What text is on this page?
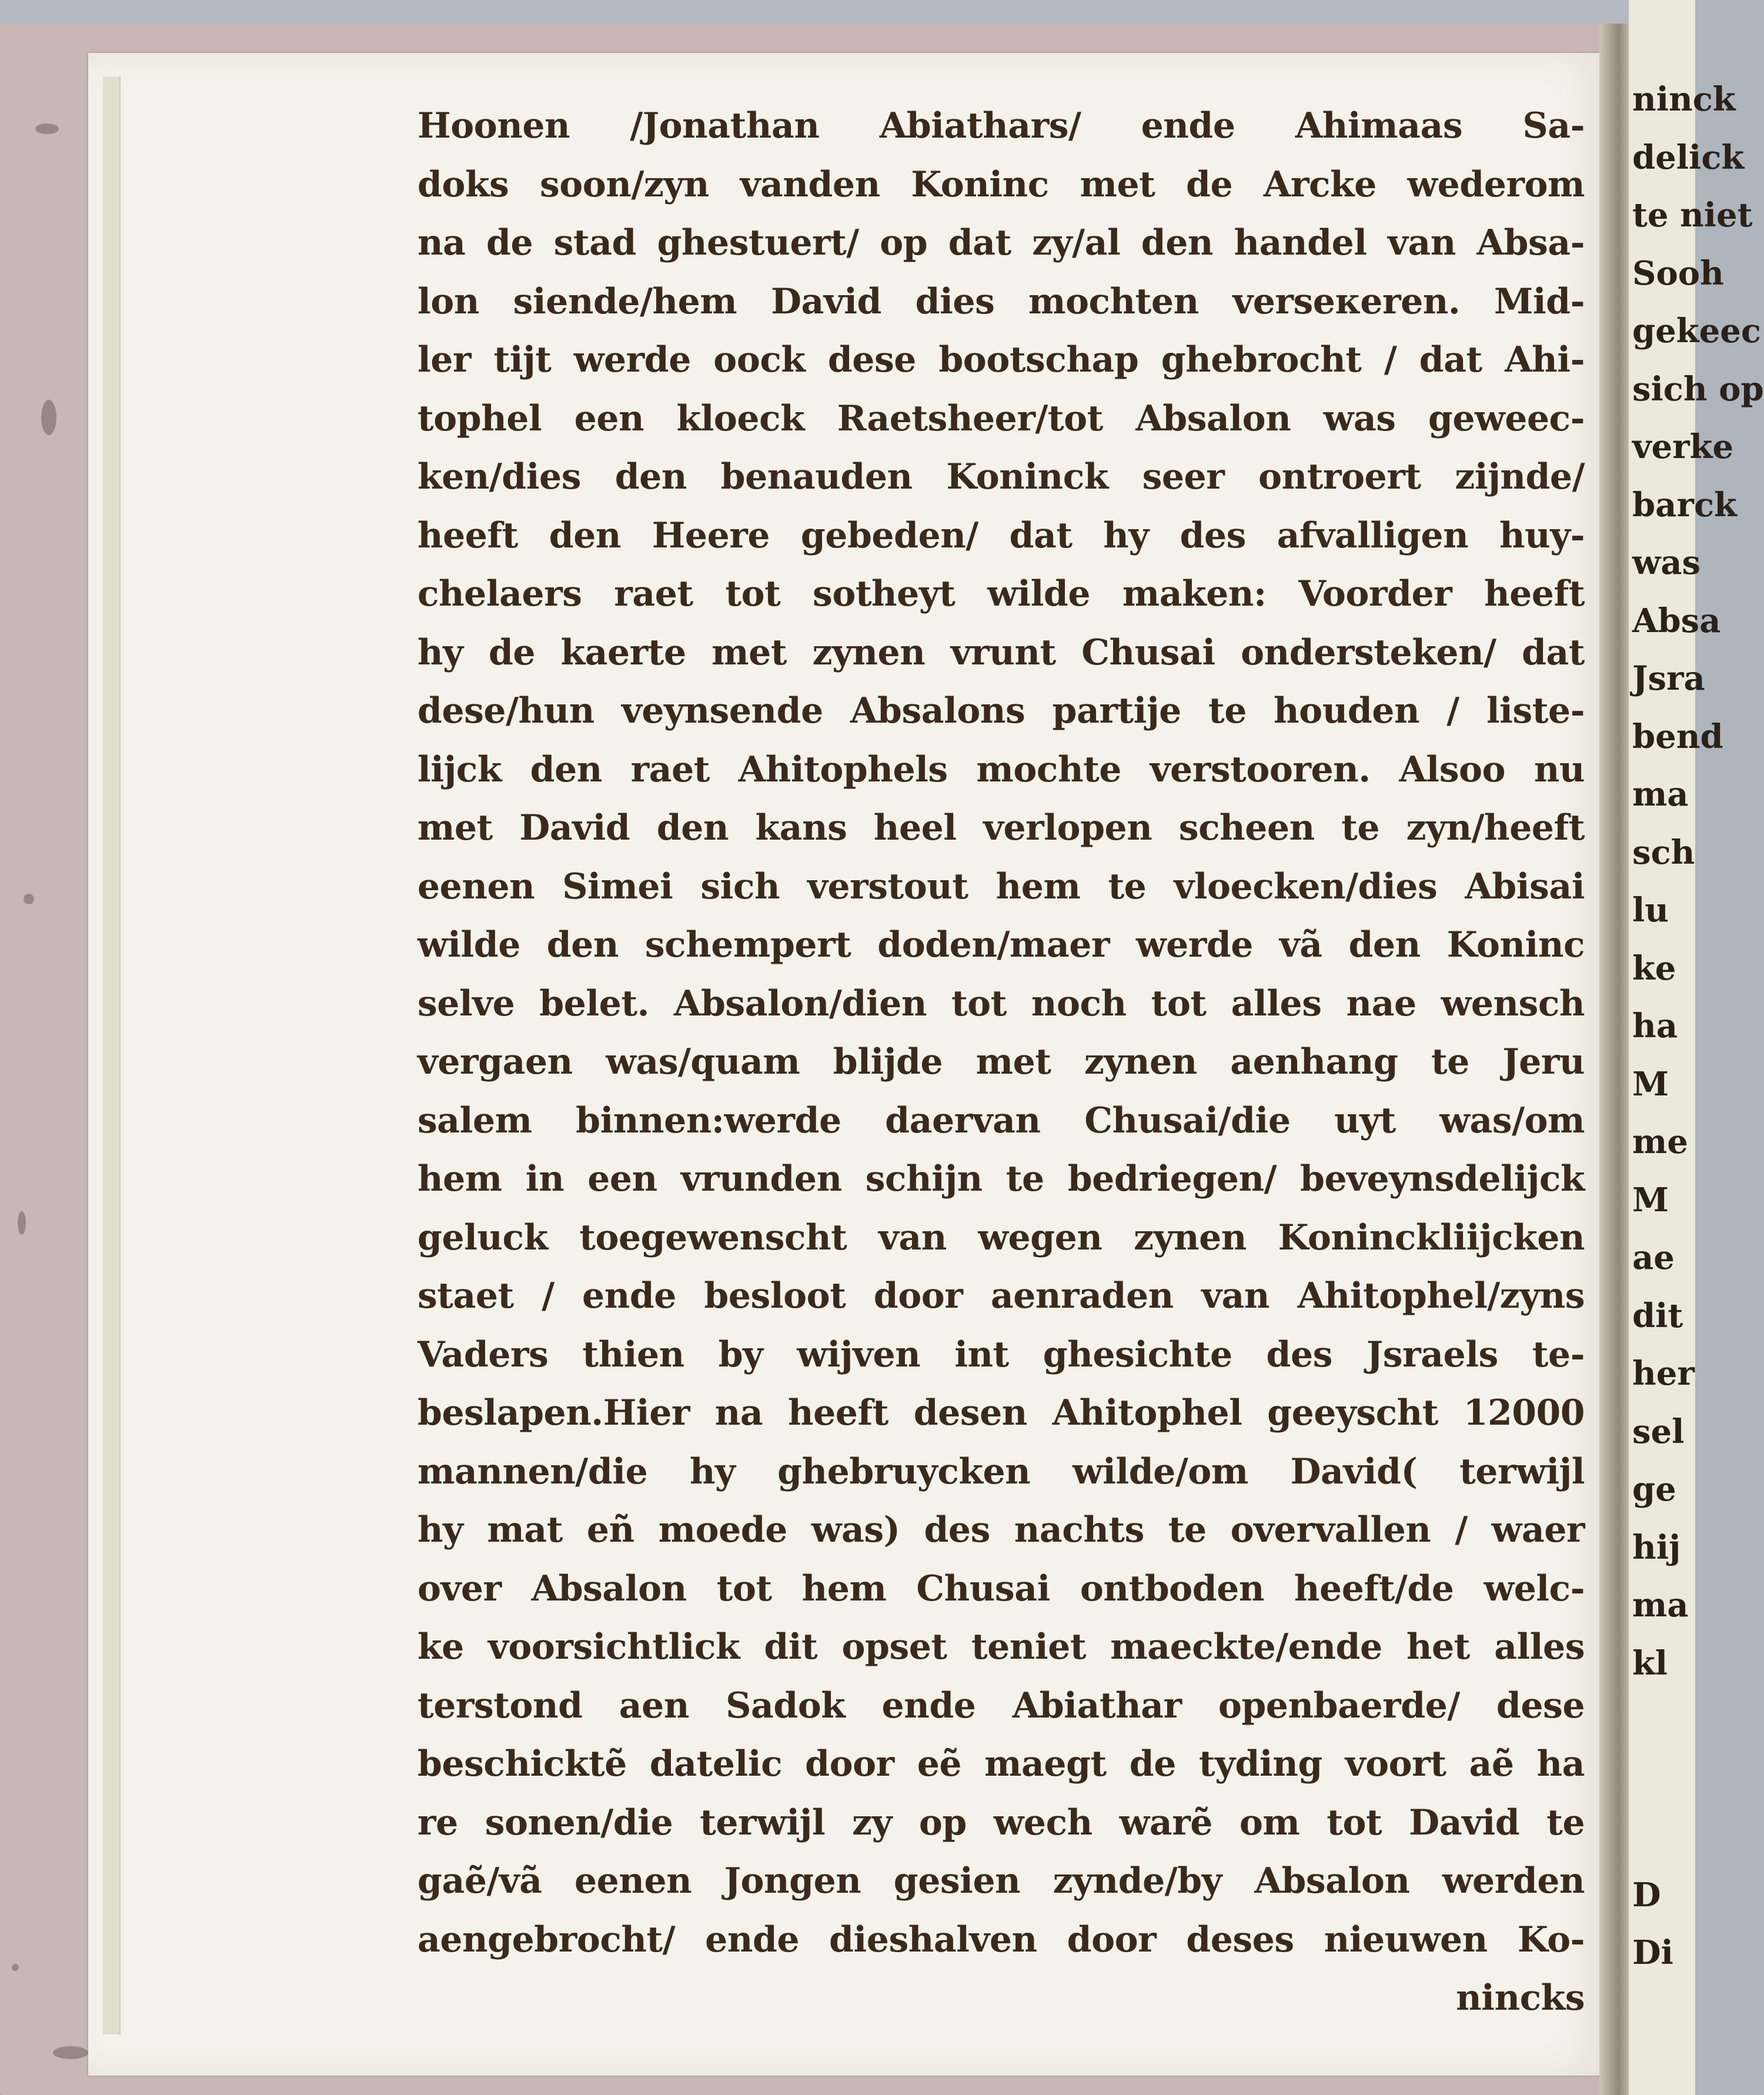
Hoonen /Jonathan Abiathars/ ende Ahimaas Sa-
doks soon/zyn vanden Koninc met de Arcke wederom
na de stad ghestuert/ op dat zy/al den handel van Absa-
lon siende/hem David dies mochten verseкeren. Mid-
ler tijt werde oock dese bootschap ghebrocht / dat Ahi-
tophel een kloeck Raetsheer/tot Absalon was geweec-
ken/dies den benauden Koninck seer ontroert zijnde/
heeft den Heere gebeden/ dat hy des afvalligen huy-
chelaers raet tot sotheyt wilde maken: Voorder heeft
hy de kaerte met zynen vrunt Chusai ondersteken/ dat
dese/hun veynsende Absalons partije te houden / liste-
lijck den raet Ahitophels mochte verstooren. Alsoo nu
met David den kans heel verlopen scheen te zyn/heeft
eenen Simei sich verstout hem te vloecken/dies Abisai
wilde den schempert doden/maer werde vã den Koninc
selve belet. Absalon/dien tot noch tot alles nae wensch
vergaen was/quam blijde met zynen aenhang te Jeru
salem binnen:werde daervan Chusai/die uyt was/om
hem in een vrunden schijn te bedriegen/ beveynsdelijck
geluck toegewenscht van wegen zynen Koninckliijcken
staet / ende besloot door aenraden van Ahitophel/zyns
Vaders thien by wijven int ghesichte des Jsraels te-
beslapen.Hier na heeft desen Ahitophel geeyscht 12000
mannen/die hy ghebruycken wilde/om David( terwijl
hy mat eñ moede was) des nachts te overvallen / waer
over Absalon tot hem Chusai ontboden heeft/de welc-
ke voorsichtlick dit opset teniet maeckte/ende het alles
terstond aen Sadok ende Abiathar openbaerde/ dese
beschicktẽ datelic door eẽ maegt de tyding voort aẽ ha
re sonen/die terwijl zy op wech warẽ om tot David te
gaẽ/vã eenen Jongen gesien zynde/by Absalon werden
aengebrocht/ ende dieshalven door deses nieuwen Ko-
nincks
ninck
delick
te niet
Sooh
gekeec
sich op
verke
barck
was
Absa
Jsra
bend
ma
sch
lu
ke
ha
M
me
M
ae
dit
her
sel
ge
hij
ma
kl
D
Di
